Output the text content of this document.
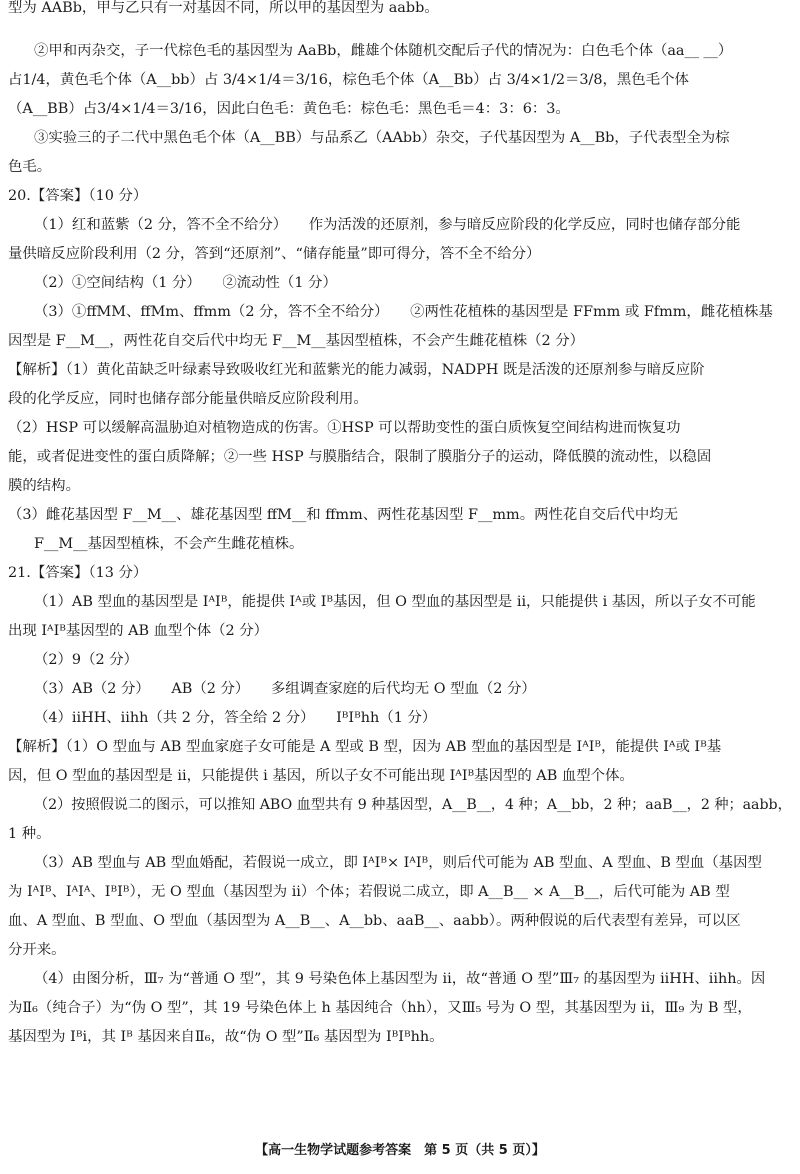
型为 AABb，甲与乙只有一对基因不同，所以甲的基因型为 aabb。
②甲和丙杂交，子一代棕色毛的基因型为 AaBb，雌雄个体随机交配后子代的情况为：白色毛个体（aa__ __）
占1/4，黄色毛个体（A__bb）占 3/4×1/4＝3/16，棕色毛个体（A__Bb）占 3/4×1/2＝3/8，黑色毛个体
（A__BB）占3/4×1/4＝3/16，因此白色毛：黄色毛：棕色毛：黑色毛＝4：3：6：3。
③实验三的子二代中黑色毛个体（A__BB）与品系乙（AAbb）杂交，子代基因型为 A__Bb，子代表型全为棕
色毛。
20.【答案】（10 分）
（1）红和蓝紫（2 分，答不全不给分）　　作为活泼的还原剂，参与暗反应阶段的化学反应，同时也储存部分能
量供暗反应阶段利用（2 分，答到“还原剂”、“储存能量”即可得分，答不全不给分）
（2）①空间结构（1 分）　　②流动性（1 分）
（3）①ffMM、ffMm、ffmm（2 分，答不全不给分）　　②两性花植株的基因型是 FFmm 或 Ffmm，雌花植株基
因型是 F__M__，两性花自交后代中均无 F__M__基因型植株，不会产生雌花植株（2 分）
【解析】（1）黄化苗缺乏叶绿素导致吸收红光和蓝紫光的能力减弱，NADPH 既是活泼的还原剂参与暗反应阶
段的化学反应，同时也储存部分能量供暗反应阶段利用。
（2）HSP 可以缓解高温胁迫对植物造成的伤害。①HSP 可以帮助变性的蛋白质恢复空间结构进而恢复功
能，或者促进变性的蛋白质降解；②一些 HSP 与膜脂结合，限制了膜脂分子的运动，降低膜的流动性，以稳固
膜的结构。
（3）雌花基因型 F__M__、雄花基因型 ffM__和 ffmm、两性花基因型 F__mm。两性花自交后代中均无
F__M__基因型植株，不会产生雌花植株。
21.【答案】（13 分）
（1）AB 型血的基因型是 IᴬIᴮ，能提供 Iᴬ或 Iᴮ基因，但 O 型血的基因型是 ii，只能提供 i 基因，所以子女不可能
出现 IᴬIᴮ基因型的 AB 血型个体（2 分）
（2）9（2 分）
（3）AB（2 分）　　AB（2 分）　　多组调查家庭的后代均无 O 型血（2 分）
（4）iiHH、iihh（共 2 分，答全给 2 分）　　IᴮIᴮhh（1 分）
【解析】（1）O 型血与 AB 型血家庭子女可能是 A 型或 B 型，因为 AB 型血的基因型是 IᴬIᴮ，能提供 Iᴬ或 Iᴮ基
因，但 O 型血的基因型是 ii，只能提供 i 基因，所以子女不可能出现 IᴬIᴮ基因型的 AB 血型个体。
（2）按照假说二的图示，可以推知 ABO 血型共有 9 种基因型，A__B__，4 种；A__bb，2 种；aaB__，2 种；aabb，
1 种。
（3）AB 型血与 AB 型血婚配，若假说一成立，即 IᴬIᴮ× IᴬIᴮ，则后代可能为 AB 型血、A 型血、B 型血（基因型
为 IᴬIᴮ、IᴬIᴬ、IᴮIᴮ），无 O 型血（基因型为 ii）个体；若假说二成立，即 A__B__ × A__B__，后代可能为 AB 型
血、A 型血、B 型血、O 型血（基因型为 A__B__、A__bb、aaB__、aabb）。两种假说的后代表型有差异，可以区
分开来。
（4）由图分析，Ⅲ₇ 为“普通 O 型”，其 9 号染色体上基因型为 ii，故“普通 O 型”Ⅲ₇ 的基因型为 iiHH、iihh。因
为Ⅱ₆（纯合子）为“伪 O 型”，其 19 号染色体上 h 基因纯合（hh），又Ⅲ₅ 号为 O 型，其基因型为 ii，Ⅲ₉ 为 B 型，
基因型为 Iᴮi，其 Iᴮ 基因来自Ⅱ₆，故“伪 O 型”Ⅱ₆ 基因型为 IᴮIᴮhh。
【高一生物学试题参考答案　第 5 页（共 5 页）】
